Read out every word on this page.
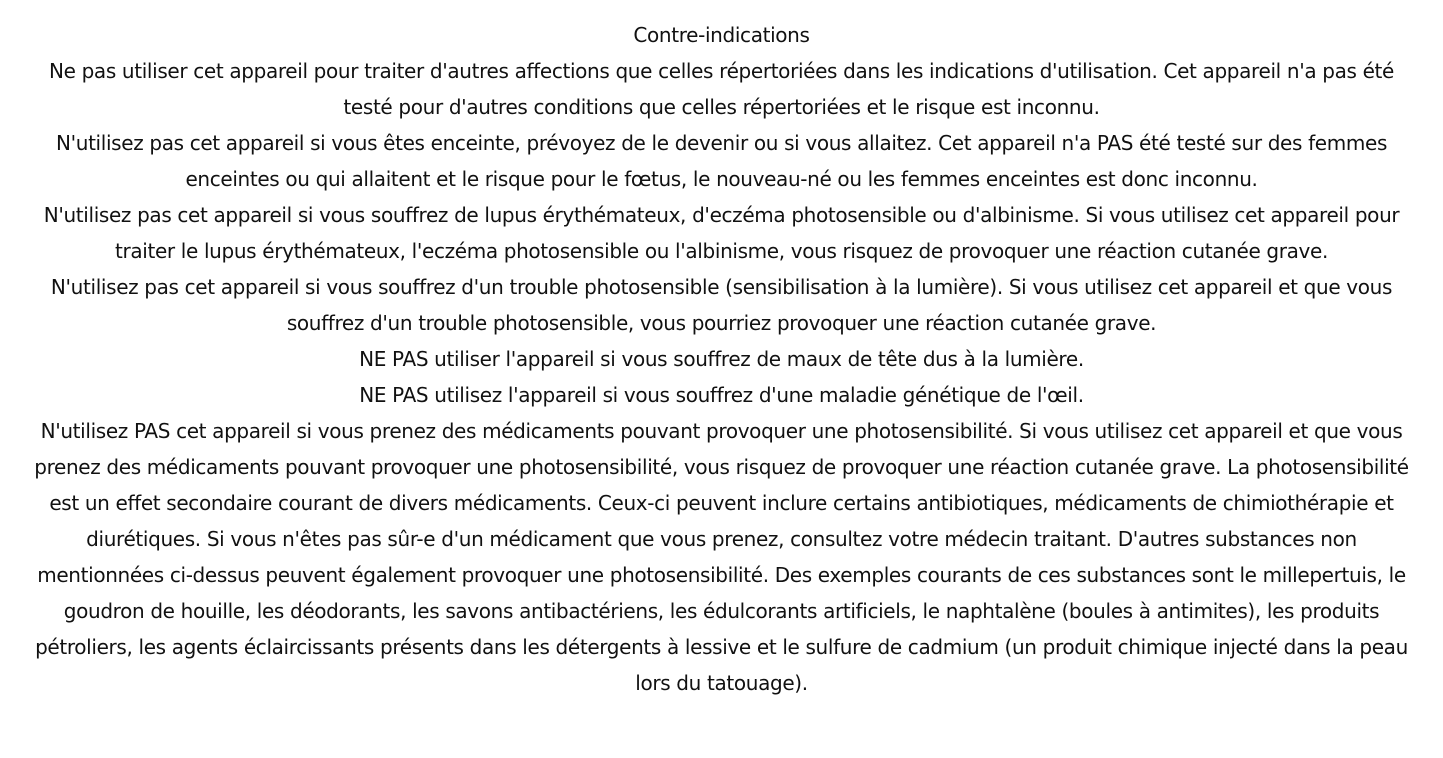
Contre-indications

Ne pas utiliser cet appareil pour traiter d'autres affections que celles répertoriées dans les indications d'utilisation. Cet appareil n'a pas été testé pour d'autres conditions que celles répertoriées et le risque est inconnu.

N'utilisez pas cet appareil si vous êtes enceinte, prévoyez de le devenir ou si vous allaitez. Cet appareil n'a PAS été testé sur des femmes enceintes ou qui allaitent et le risque pour le fœtus, le nouveau-né ou les femmes enceintes est donc inconnu.

N'utilisez pas cet appareil si vous souffrez de lupus érythémateux, d'eczéma photosensible ou d'albinisme. Si vous utilisez cet appareil pour traiter le lupus érythémateux, l'eczéma photosensible ou l'albinisme, vous risquez de provoquer une réaction cutanée grave.

N'utilisez pas cet appareil si vous souffrez d'un trouble photosensible (sensibilisation à la lumière). Si vous utilisez cet appareil et que vous souffrez d'un trouble photosensible, vous pourriez provoquer une réaction cutanée grave.

NE PAS utiliser l'appareil si vous souffrez de maux de tête dus à la lumière.

NE PAS utilisez l'appareil si vous souffrez d'une maladie génétique de l'œil.

N'utilisez PAS cet appareil si vous prenez des médicaments pouvant provoquer une photosensibilité. Si vous utilisez cet appareil et que vous prenez des médicaments pouvant provoquer une photosensibilité, vous risquez de provoquer une réaction cutanée grave. La photosensibilité est un effet secondaire courant de divers médicaments. Ceux-ci peuvent inclure certains antibiotiques, médicaments de chimiothérapie et diurétiques. Si vous n'êtes pas sûr-e d'un médicament que vous prenez, consultez votre médecin traitant. D'autres substances non mentionnées ci-dessus peuvent également provoquer une photosensibilité. Des exemples courants de ces substances sont le millepertuis, le goudron de houille, les déodorants, les savons antibactériens, les édulcorants artificiels, le naphtalène (boules à antimites), les produits pétroliers, les agents éclaircissants présents dans les détergents à lessive et le sulfure de cadmium (un produit chimique injecté dans la peau lors du tatouage).
